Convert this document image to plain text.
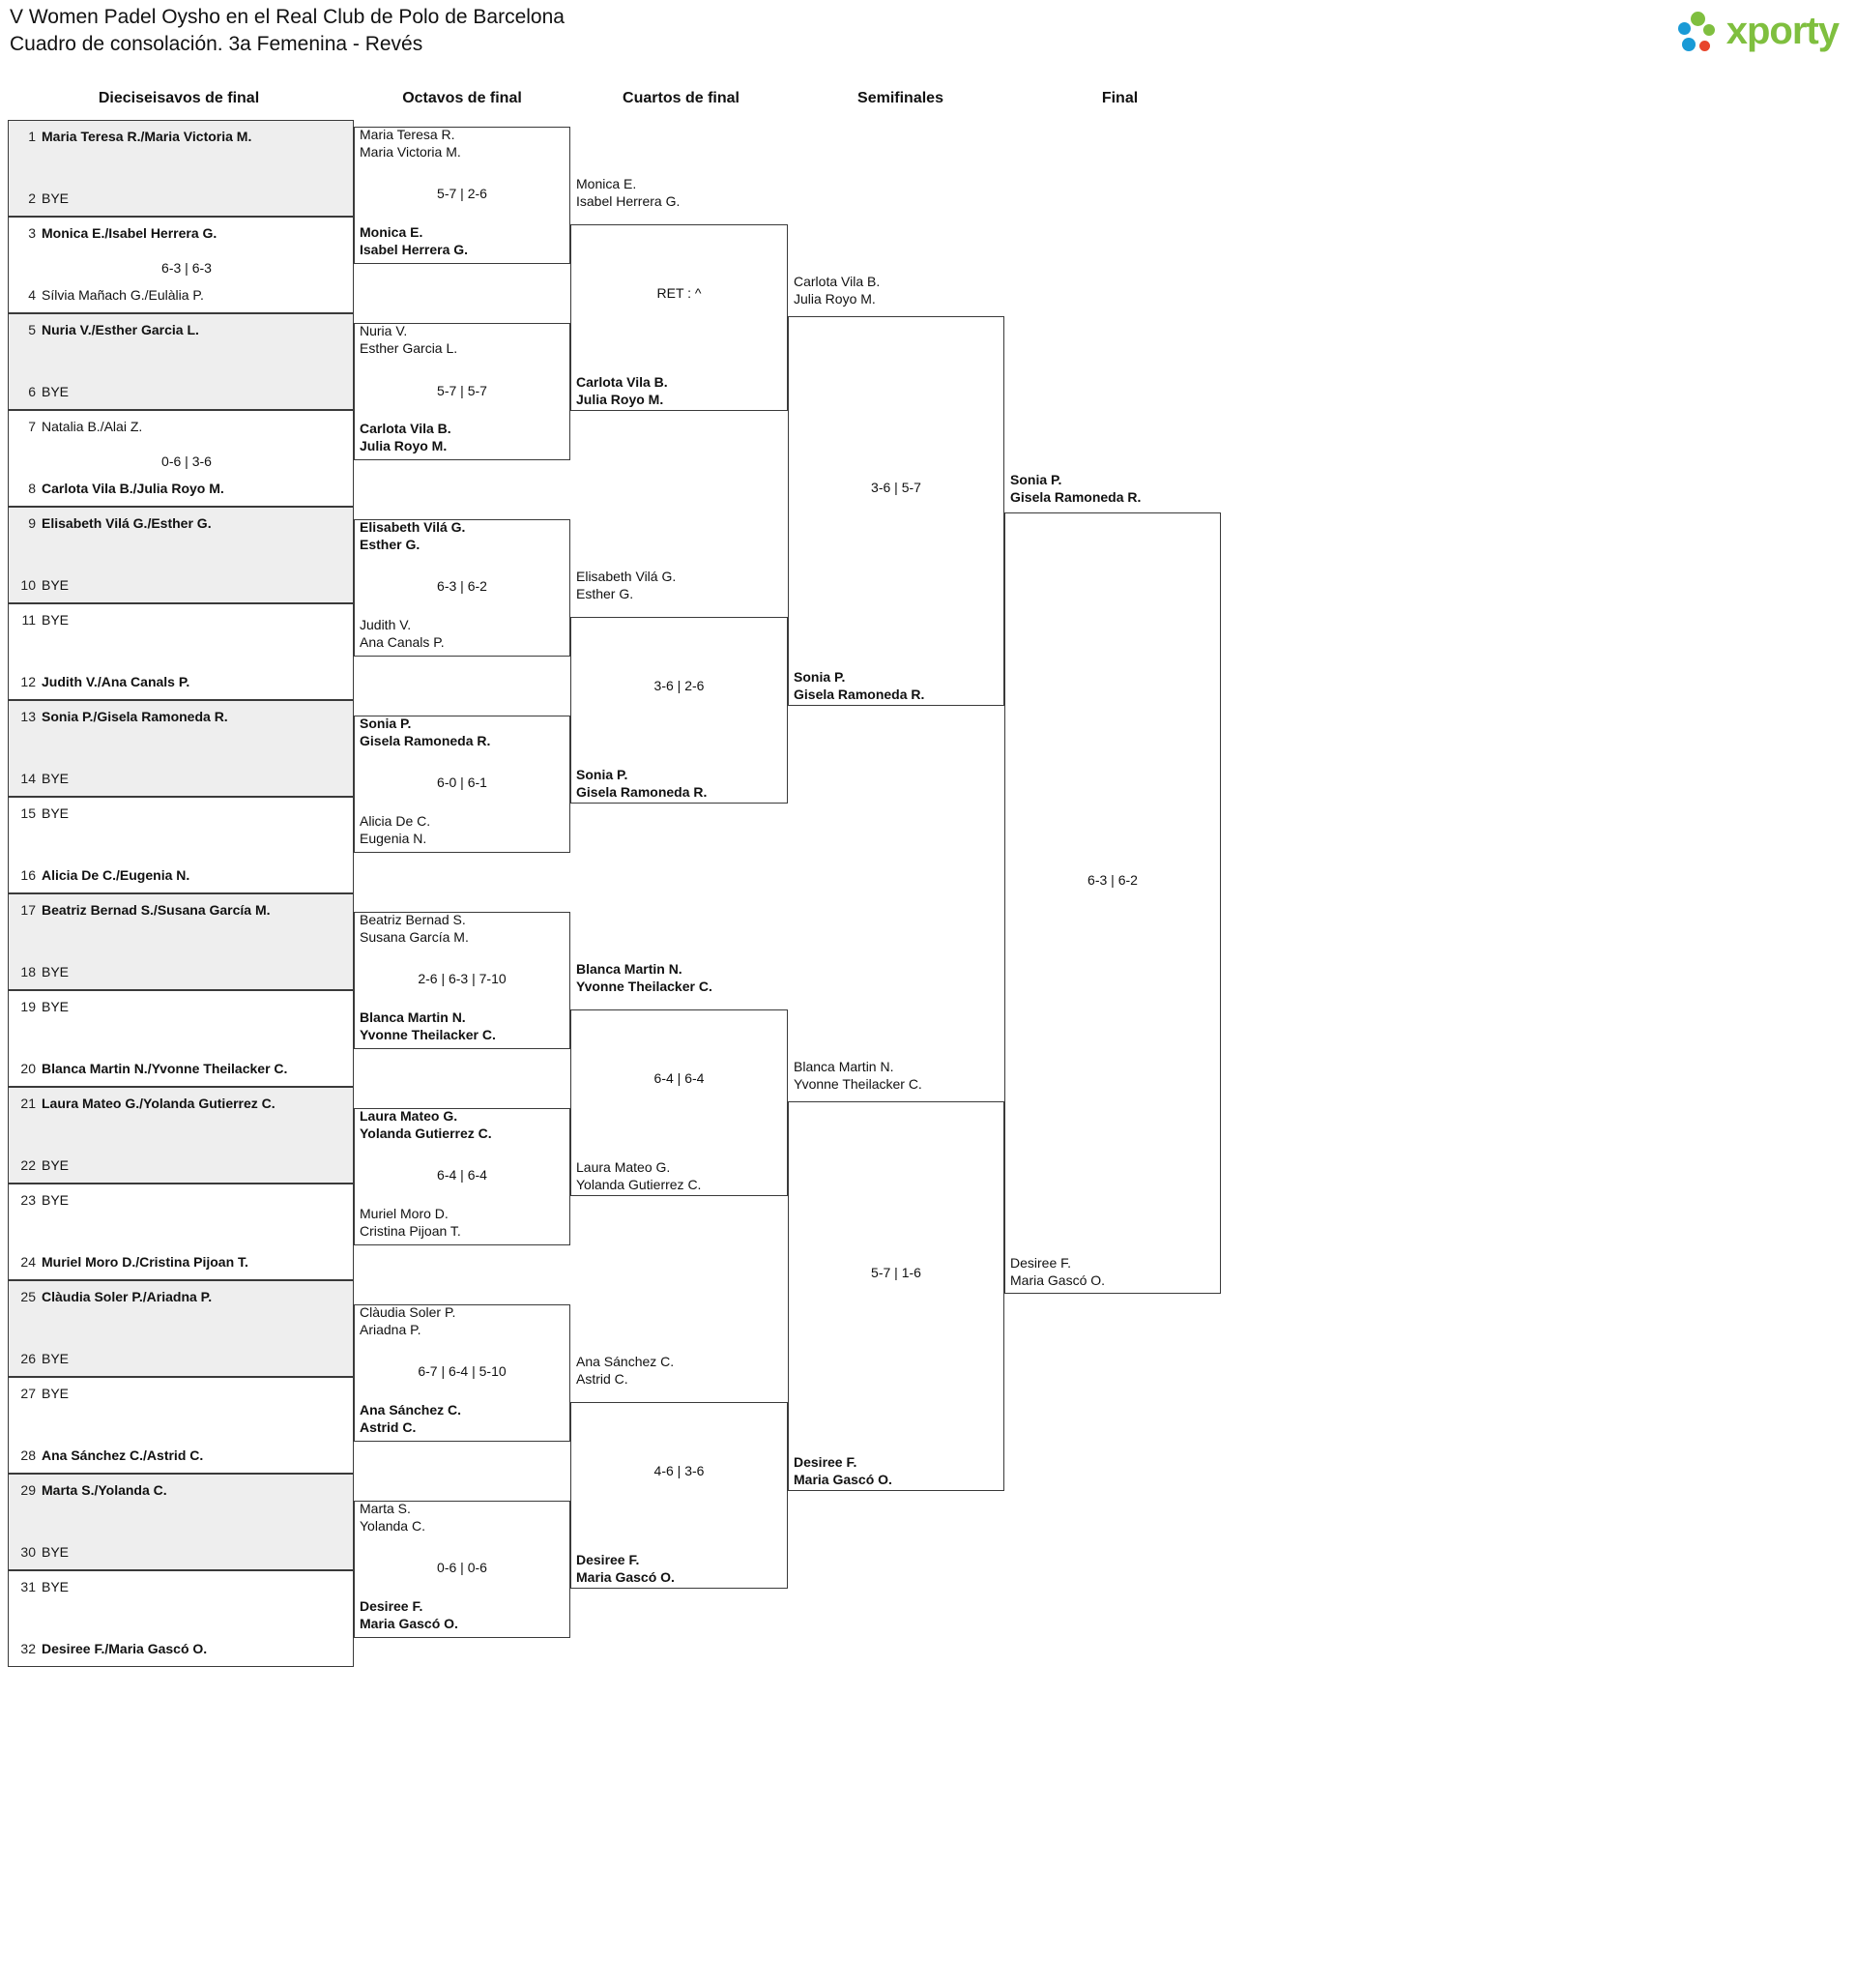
V Women Padel Oysho en el Real Club de Polo de Barcelona
Cuadro de consolación. 3a Femenina - Revés	xporty
Dieciseisavos de final	Octavos de final	Cuartos de final	Semifinales	Final
1 Maria Teresa R./Maria Victoria M.
2 BYE
3 Monica E./Isabel Herrera G.
6-3 | 6-3
4 Sílvia Mañach G./Eulàlia P.
5 Nuria V./Esther Garcia L.
6 BYE
7 Natalia B./Alai Z.
0-6 | 3-6
8 Carlota Vila B./Julia Royo M.
9 Elisabeth Vilá G./Esther G.
10 BYE
11 BYE
12 Judith V./Ana Canals P.
13 Sonia P./Gisela Ramoneda R.
14 BYE
15 BYE
16 Alicia De C./Eugenia N.
17 Beatriz Bernad S./Susana García M.
18 BYE
19 BYE
20 Blanca Martin N./Yvonne Theilacker C.
21 Laura Mateo G./Yolanda Gutierrez C.
22 BYE
23 BYE
24 Muriel Moro D./Cristina Pijoan T.
25 Clàudia Soler P./Ariadna P.
26 BYE
27 BYE
28 Ana Sánchez C./Astrid C.
29 Marta S./Yolanda C.
30 BYE
31 BYE
32 Desiree F./Maria Gascó O.
Maria Teresa R.
Maria Victoria M.
5-7 | 2-6
Monica E.
Isabel Herrera G.
Nuria V.
Esther Garcia L.
5-7 | 5-7
Carlota Vila B.
Julia Royo M.
Elisabeth Vilá G.
Esther G.
6-3 | 6-2
Judith V.
Ana Canals P.
Sonia P.
Gisela Ramoneda R.
6-0 | 6-1
Alicia De C.
Eugenia N.
Beatriz Bernad S.
Susana García M.
2-6 | 6-3 | 7-10
Blanca Martin N.
Yvonne Theilacker C.
Laura Mateo G.
Yolanda Gutierrez C.
6-4 | 6-4
Muriel Moro D.
Cristina Pijoan T.
Clàudia Soler P.
Ariadna P.
6-7 | 6-4 | 5-10
Ana Sánchez C.
Astrid C.
Marta S.
Yolanda C.
0-6 | 0-6
Desiree F.
Maria Gascó O.
Monica E.
Isabel Herrera G.
RET : ^
Carlota Vila B.
Julia Royo M.
Elisabeth Vilá G.
Esther G.
3-6 | 2-6
Sonia P.
Gisela Ramoneda R.
Blanca Martin N.
Yvonne Theilacker C.
6-4 | 6-4
Laura Mateo G.
Yolanda Gutierrez C.
Ana Sánchez C.
Astrid C.
4-6 | 3-6
Desiree F.
Maria Gascó O.
Carlota Vila B.
Julia Royo M.
3-6 | 5-7
Sonia P.
Gisela Ramoneda R.
Blanca Martin N.
Yvonne Theilacker C.
5-7 | 1-6
Desiree F.
Maria Gascó O.
Sonia P.
Gisela Ramoneda R.
6-3 | 6-2
Desiree F.
Maria Gascó O.
